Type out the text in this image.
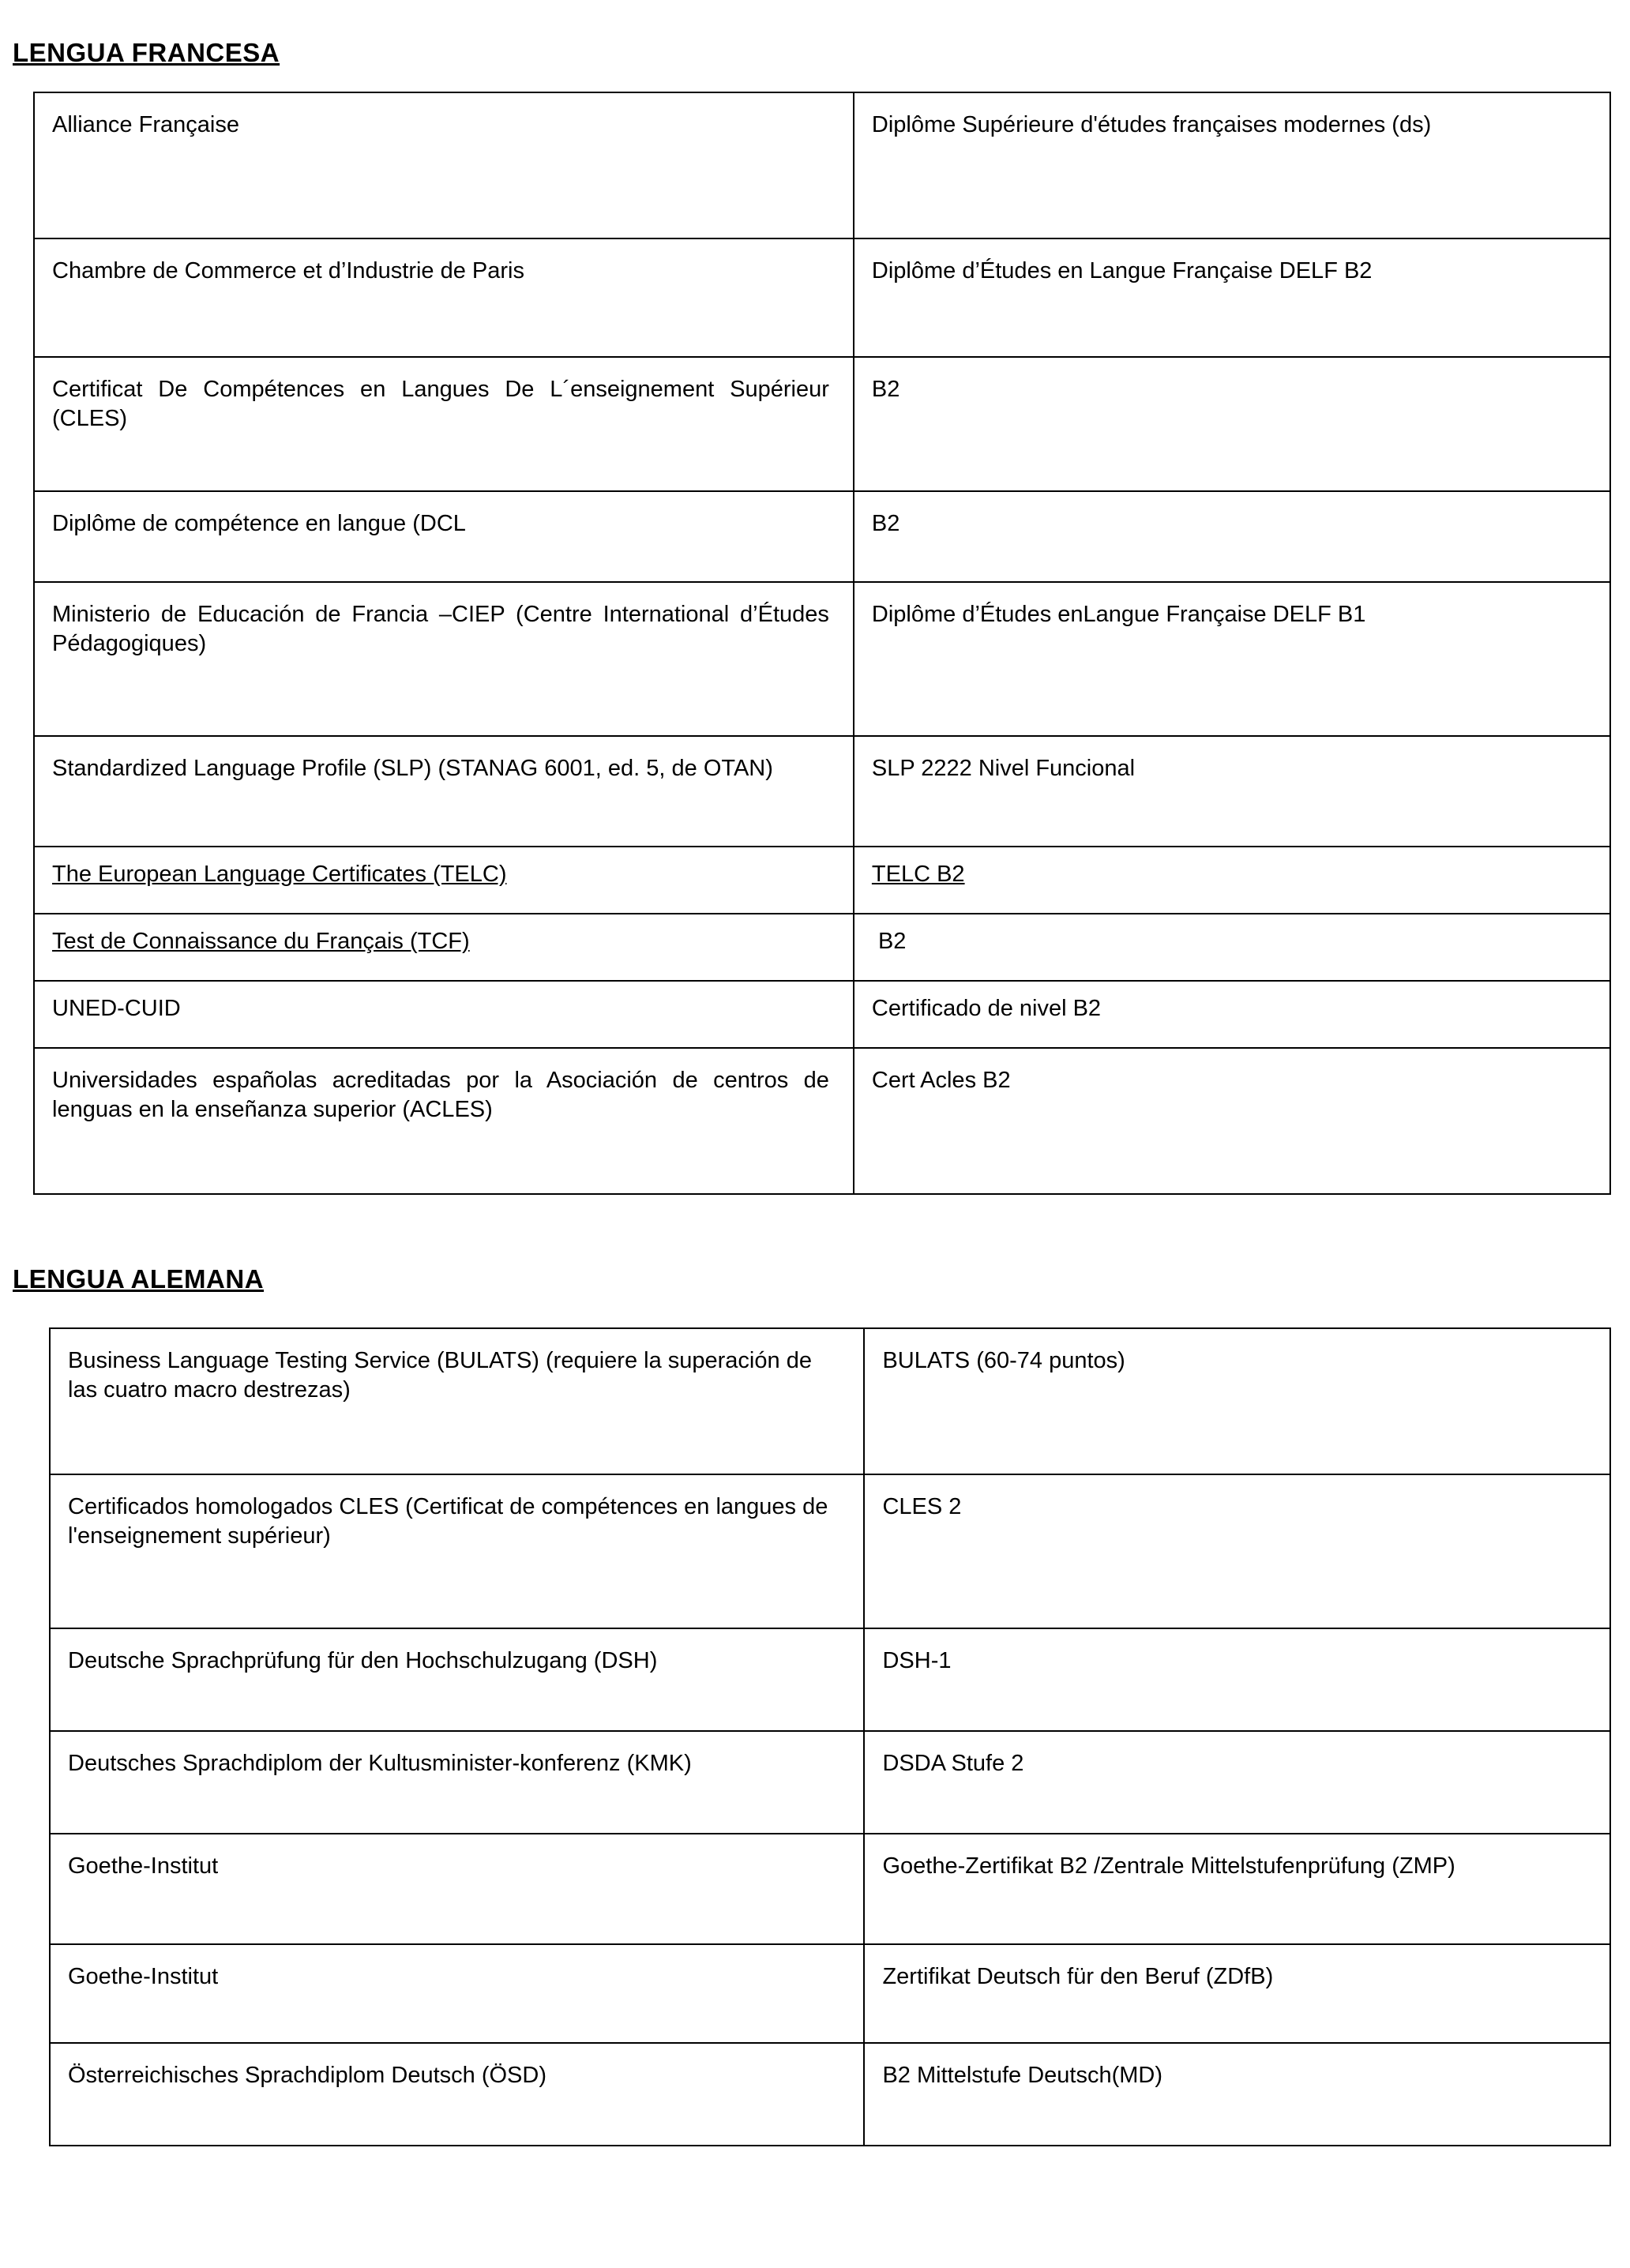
LENGUA FRANCESA
Alliance Française	Diplôme Supérieure d'études françaises modernes (ds)
Chambre de Commerce et d’Industrie de Paris	Diplôme d’Études en Langue Française DELF B2
Certificat De Compétences en Langues De L´enseignement Supérieur (CLES)	B2
Diplôme de compétence en langue (DCL	B2
Ministerio de Educación de Francia –CIEP (Centre International d’Études Pédagogiques)	Diplôme d’Études enLangue Française DELF B1
Standardized Language Profile (SLP) (STANAG 6001, ed. 5, de OTAN)	SLP 2222 Nivel Funcional
The European Language Certificates (TELC)	TELC B2
Test de Connaissance du Français (TCF)	B2
UNED-CUID	Certificado de nivel B2
Universidades españolas acreditadas por la Asociación de centros de lenguas en la enseñanza superior (ACLES)	Cert Acles B2
LENGUA ALEMANA
Business Language Testing Service (BULATS) (requiere la superación de las cuatro macro destrezas)	BULATS (60-74 puntos)
Certificados homologados CLES (Certificat de compétences en langues de l'enseignement supérieur)	CLES 2
Deutsche Sprachprüfung für den Hochschulzugang (DSH)	DSH-1
Deutsches Sprachdiplom der Kultusminister-konferenz (KMK)	DSDA Stufe 2
Goethe-Institut	Goethe-Zertifikat B2 /Zentrale Mittelstufenprüfung (ZMP)
Goethe-Institut	Zertifikat Deutsch für den Beruf (ZDfB)
Österreichisches Sprachdiplom Deutsch (ÖSD)	B2 Mittelstufe Deutsch(MD)
